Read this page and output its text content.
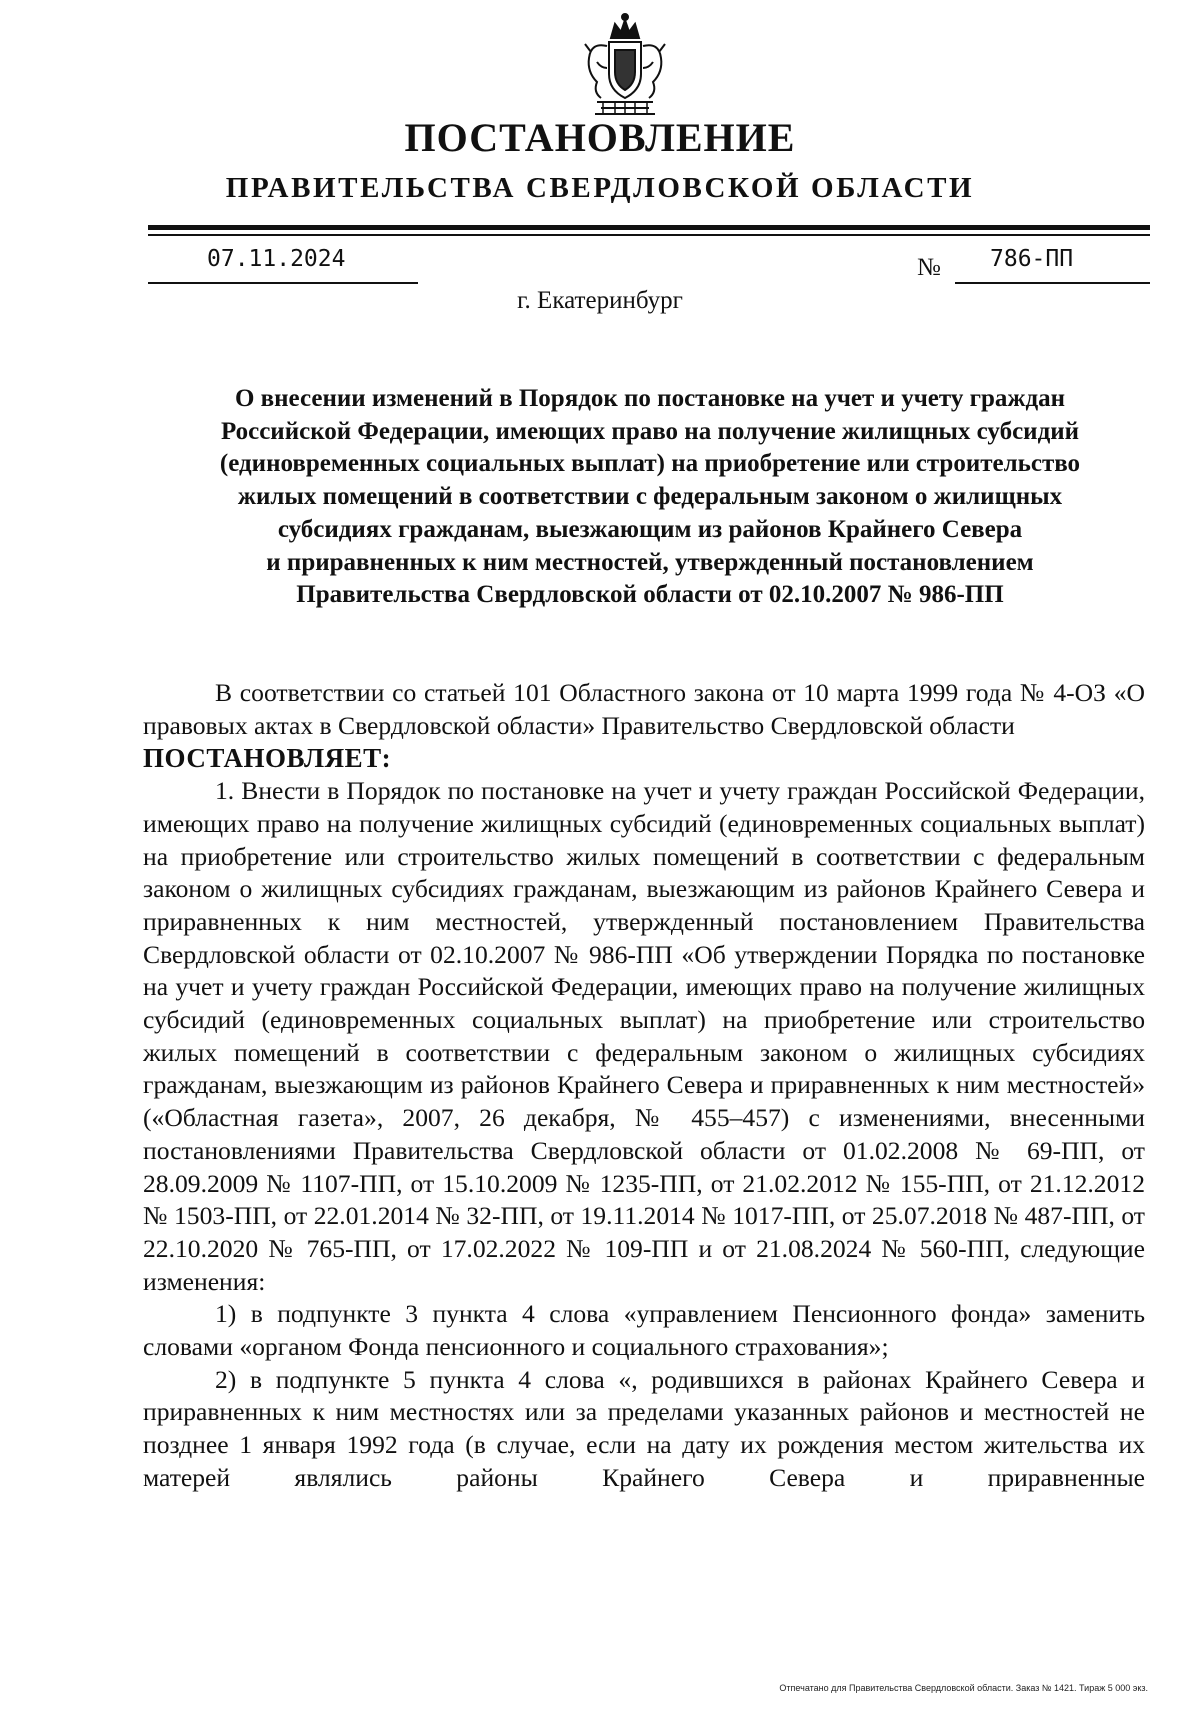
ПОСТАНОВЛЕНИЕ
ПРАВИТЕЛЬСТВА СВЕРДЛОВСКОЙ ОБЛАСТИ
07.11.2024	№ 786-ПП
г. Екатеринбург
О внесении изменений в Порядок по постановке на учет и учету граждан
Российской Федерации, имеющих право на получение жилищных субсидий
(единовременных социальных выплат) на приобретение или строительство
жилых помещений в соответствии с федеральным законом о жилищных
субсидиях гражданам, выезжающим из районов Крайнего Севера
и приравненных к ним местностей, утвержденный постановлением
Правительства Свердловской области от 02.10.2007 № 986-ПП

В соответствии со статьей 101 Областного закона от 10 марта 1999 года № 4-ОЗ «О правовых актах в Свердловской области» Правительство Свердловской области

ПОСТАНОВЛЯЕТ:

1. Внести в Порядок по постановке на учет и учету граждан Российской Федерации, имеющих право на получение жилищных субсидий (единовременных социальных выплат) на приобретение или строительство жилых помещений в соответствии с федеральным законом о жилищных субсидиях гражданам, выезжающим из районов Крайнего Севера и приравненных к ним местностей, утвержденный постановлением Правительства Свердловской области от 02.10.2007 № 986-ПП «Об утверждении Порядка по постановке на учет и учету граждан Российской Федерации, имеющих право на получение жилищных субсидий (единовременных социальных выплат) на приобретение или строительство жилых помещений в соответствии с федеральным законом о жилищных субсидиях гражданам, выезжающим из районов Крайнего Севера и приравненных к ним местностей» («Областная газета», 2007, 26 декабря, № 455–457) с изменениями, внесенными постановлениями Правительства Свердловской области от 01.02.2008 № 69-ПП, от 28.09.2009 № 1107-ПП, от 15.10.2009 № 1235-ПП, от 21.02.2012 № 155-ПП, от 21.12.2012 № 1503-ПП, от 22.01.2014 № 32-ПП, от 19.11.2014 № 1017-ПП, от 25.07.2018 № 487-ПП, от 22.10.2020 № 765-ПП, от 17.02.2022 № 109-ПП и от 21.08.2024 № 560-ПП, следующие изменения:

1) в подпункте 3 пункта 4 слова «управлением Пенсионного фонда» заменить словами «органом Фонда пенсионного и социального страхования»;

2) в подпункте 5 пункта 4 слова «, родившихся в районах Крайнего Севера и приравненных к ним местностях или за пределами указанных районов и местностей не позднее 1 января 1992 года (в случае, если на дату их рождения местом жительства их матерей являлись районы Крайнего Севера и приравненные

Отпечатано для Правительства Свердловской области. Заказ № 1421. Тираж 5 000 экз.
